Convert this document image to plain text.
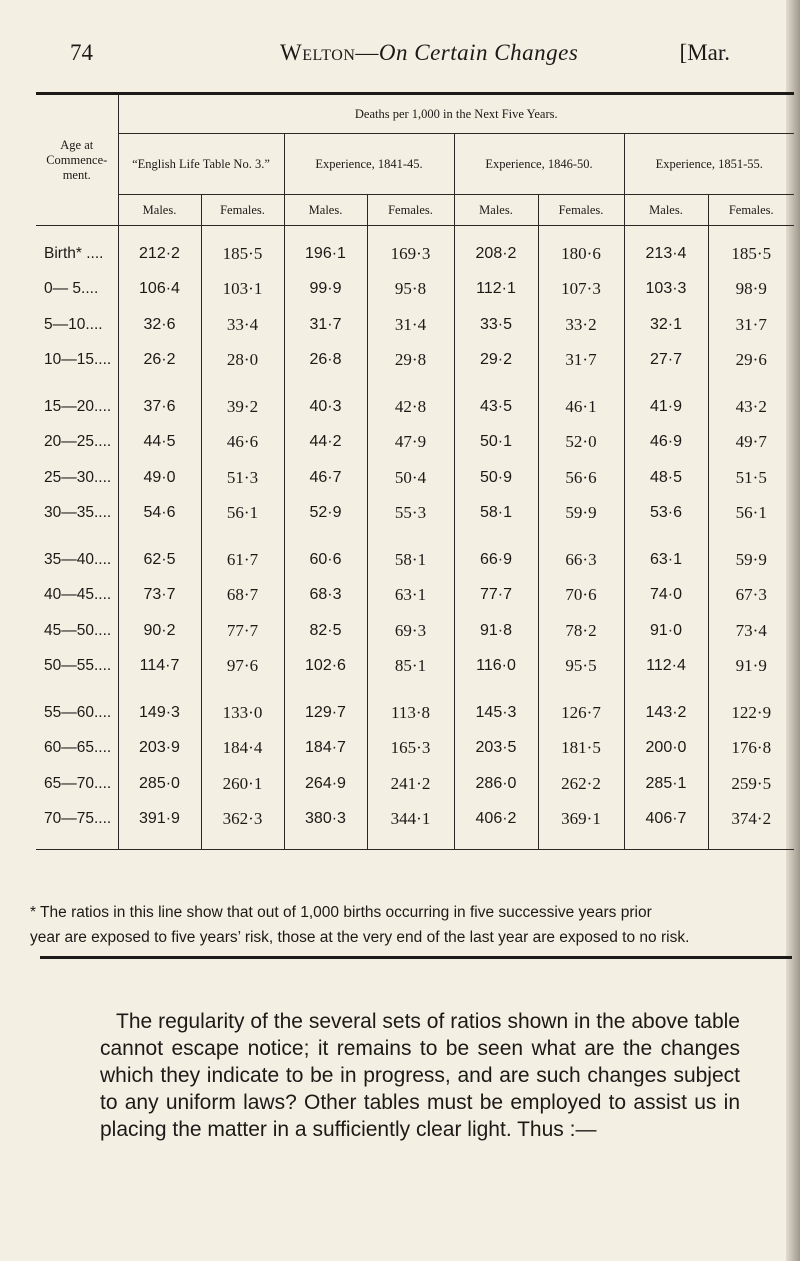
74	Welton—On Certain Changes	[Mar.
Age at Commence-ment.	Deaths per 1,000 in the Next Five Years.							
	“English Life Table No. 3.”		Experience, 1841-45.		Experience, 1846-50.		Experience, 1851-55.	
	Males.	Females.	Males.	Females.	Males.	Females.	Males.	Females.
Birth* ....	212·2	185·5	196·1	169·3	208·2	180·6	213·4	185·5
0— 5....	106·4	103·1	99·9	95·8	112·1	107·3	103·3	98·9
5—10....	32·6	33·4	31·7	31·4	33·5	33·2	32·1	31·7
10—15....	26·2	28·0	26·8	29·8	29·2	31·7	27·7	29·6
15—20....	37·6	39·2	40·3	42·8	43·5	46·1	41·9	43·2
20—25....	44·5	46·6	44·2	47·9	50·1	52·0	46·9	49·7
25—30....	49·0	51·3	46·7	50·4	50·9	56·6	48·5	51·5
30—35....	54·6	56·1	52·9	55·3	58·1	59·9	53·6	56·1
35—40....	62·5	61·7	60·6	58·1	66·9	66·3	63·1	59·9
40—45....	73·7	68·7	68·3	63·1	77·7	70·6	74·0	67·3
45—50....	90·2	77·7	82·5	69·3	91·8	78·2	91·0	73·4
50—55....	114·7	97·6	102·6	85·1	116·0	95·5	112·4	91·9
55—60....	149·3	133·0	129·7	113·8	145·3	126·7	143·2	122·9
60—65....	203·9	184·4	184·7	165·3	203·5	181·5	200·0	176·8
65—70....	285·0	260·1	264·9	241·2	286·0	262·2	285·1	259·5
70—75....	391·9	362·3	380·3	344·1	406·2	369·1	406·7	374·2

* The ratios in this line show that out of 1,000 births occurring in five successive years prior

year are exposed to five years’ risk, those at the very end of the last year are exposed to no risk.

The regularity of the several sets of ratios shown in the above table cannot escape notice; it remains to be seen what are the changes which they indicate to be in progress, and are such changes subject to any uniform laws? Other tables must be employed to assist us in placing the matter in a sufficiently clear light. Thus :—
